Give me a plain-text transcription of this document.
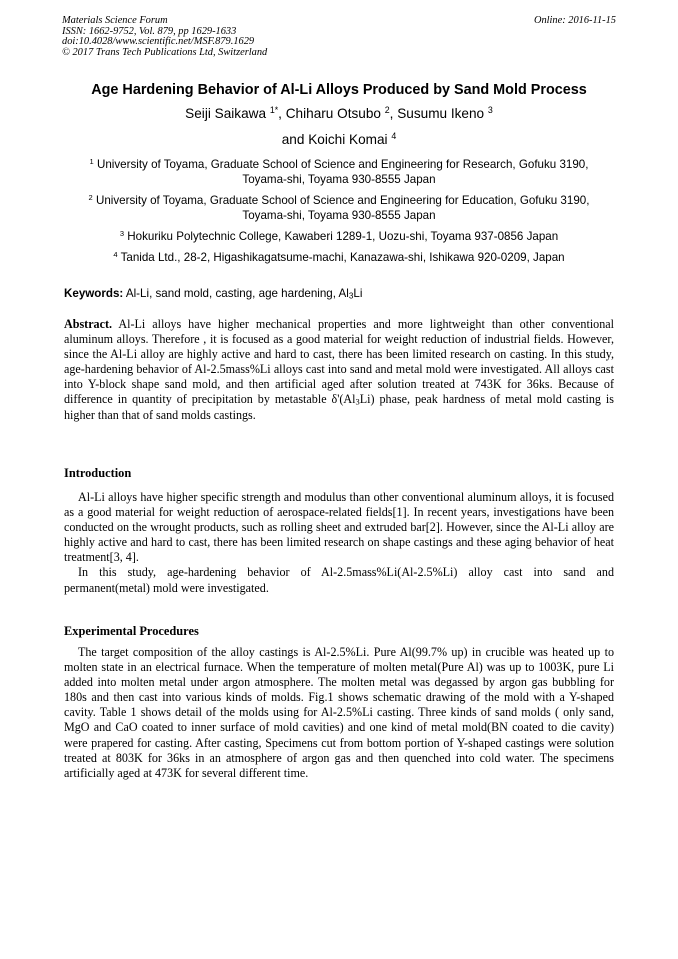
Materials Science Forum
ISSN: 1662-9752, Vol. 879, pp 1629-1633
doi:10.4028/www.scientific.net/MSF.879.1629
© 2017 Trans Tech Publications Ltd, Switzerland
Online: 2016-11-15
Age Hardening Behavior of Al-Li Alloys Produced by Sand Mold Process
Seiji Saikawa $^{1*}$, Chiharu Otsubo $^2$, Susumu Ikeno $^3$
and Koichi Komai $^4$
$^1$ University of Toyama, Graduate School of Science and Engineering for Research, Gofuku 3190,
Toyama-shi, Toyama 930-8555 Japan
$^2$ University of Toyama, Graduate School of Science and Engineering for Education, Gofuku 3190,
Toyama-shi, Toyama 930-8555 Japan
$^3$ Hokuriku Polytechnic College, Kawaberi 1289-1, Uozu-shi, Toyama 937-0856 Japan
$^4$ Tanida Ltd., 28-2, Higashikagatsume-machi, Kanazawa-shi, Ishikawa 920-0209, Japan
Keywords: Al-Li, sand mold, casting, age hardening, $Al_3Li$
Abstract. Al-Li alloys have higher mechanical properties and more lightweight than other conventional aluminum alloys. Therefore , it is focused as a good material for weight reduction of industrial fields. However, since the Al-Li alloy are highly active and hard to cast, there has been limited research on casting. In this study, age-hardening behavior of Al-2.5mass%Li alloys cast into sand and metal mold were investigated. All alloys cast into Y-block shape sand mold, and then artificial aged after solution treated at 743K for 36ks. Because of difference in quantity of precipitation by metastable $\delta'(Al_3Li)$ phase, peak hardness of metal mold casting is higher than that of sand molds castings.
Introduction

Al-Li alloys have higher specific strength and modulus than other conventional aluminum alloys, it is focused as a good material for weight reduction of aerospace-related fields[1]. In recent years, investigations have been conducted on the wrought products, such as rolling sheet and extruded bar[2]. However, since the Al-Li alloy are highly active and hard to cast, there has been limited research on shape castings and these aging behavior of heat treatment[3, 4].

In this study, age-hardening behavior of Al-2.5mass%Li(Al-2.5%Li) alloy cast into sand and permanent(metal) mold were investigated.

Experimental Procedures

The target composition of the alloy castings is Al-2.5%Li. Pure Al(99.7% up) in crucible was heated up to molten state in an electrical furnace. When the temperature of molten metal(Pure Al) was up to 1003K, pure Li added into molten metal under argon atmosphere. The molten metal was degassed by argon gas bubbling for 180s and then cast into various kinds of molds. Fig.1 shows schematic drawing of the mold with a Y-shaped cavity. Table 1 shows detail of the molds using for Al-2.5%Li casting. Three kinds of sand molds ( only sand, MgO and CaO coated to inner surface of mold cavities) and one kind of metal mold(BN coated to die cavity) were prapered for casting. After casting, Specimens cut from bottom portion of Y-shaped castings were solution treated at 803K for 36ks in an atmosphere of argon gas and then quenched into cold water. The specimens artificially aged at 473K for several different time.
